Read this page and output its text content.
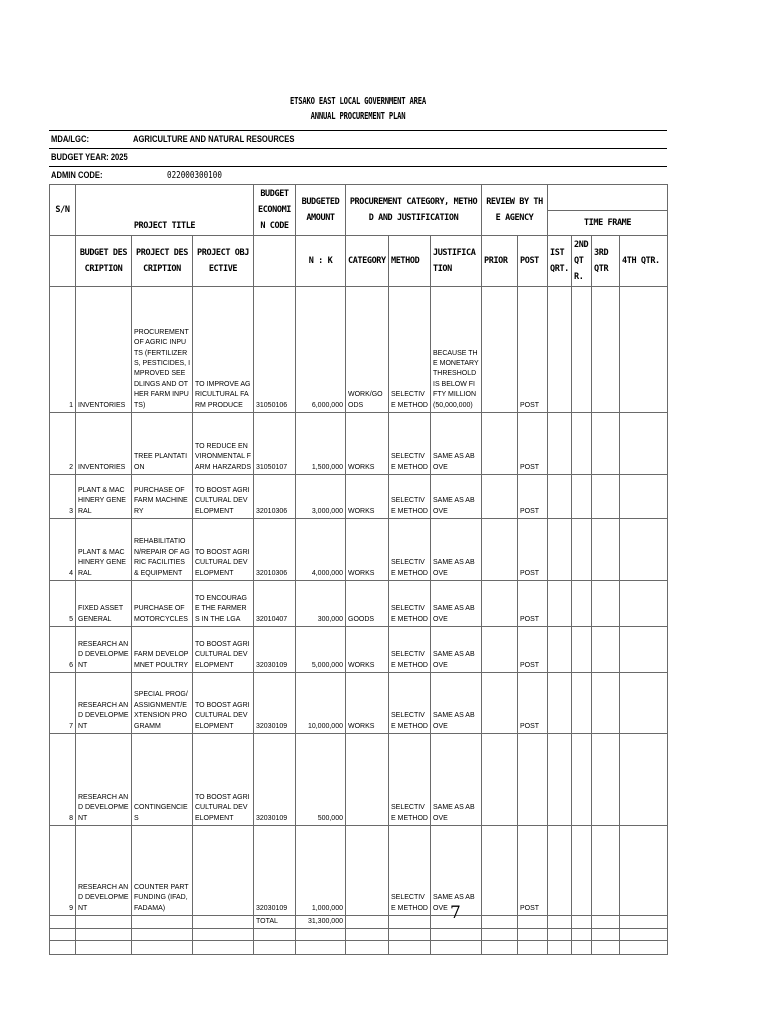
ETSAKO EAST LOCAL GOVERNMENT AREA
ANNUAL PROCUREMENT PLAN
MDA/LGC:	AGRICULTURE AND NATURAL RESOURCES
BUDGET YEAR: 2025
ADMIN CODE:	022000300100
S/N	PROJECT TITLE			BUDGET ECONOMIN CODE	BUDGETED AMOUNT	PROCUREMENT CATEGORY, METHOD AND JUSTIFICATION			REVIEW BY THE AGENCY					
											TIME FRAME			
	BUDGET DESCRIPTION	PROJECT DESCRIPTION	PROJECT OBJECTIVE		N : K	CATEGORY	METHOD	JUSTIFICATION	PRIOR	POST	IST QRT.	2ND QTR.	3RD QTR	4TH QTR.
1	INVENTORIES	PROCUREMENT OF AGRIC INPUTS (FERTILIZERS, PESTICIDES, IMPROVED SEEDLINGS AND OTHER FARM INPUTS)	TO IMPROVE AGRICULTURAL FARM PRODUCE	31050106	6,000,000	WORK/GOODS	SELECTIVE METHOD	BECAUSE THE MONETARY THRESHOLD IS BELOW FIFTY MILLION (50,000,000)		POST				
2	INVENTORIES	TREE PLANTATION	TO REDUCE ENVIRONMENTAL FARM HARZARDS	31050107	1,500,000	WORKS	SELECTIVE METHOD	SAME AS ABOVE		POST				
3	PLANT & MACHINERY GENERAL	PURCHASE OF FARM MACHINERY	TO BOOST AGRICULTURAL DEVELOPMENT	32010306	3,000,000	WORKS	SELECTIVE METHOD	SAME AS ABOVE		POST				
4	PLANT & MACHINERY GENERAL	REHABILITATION/REPAIR OF AGRIC FACILITIES & EQUIPMENT	TO BOOST AGRICULTURAL DEVELOPMENT	32010306	4,000,000	WORKS	SELECTIVE METHOD	SAME AS ABOVE		POST				
5	FIXED ASSET GENERAL	PURCHASE OF MOTORCYCLES	TO ENCOURAGE THE FARMERS IN THE LGA	32010407	300,000	GOODS	SELECTIVE METHOD	SAME AS ABOVE		POST				
6	RESEARCH AND DEVELOPMENT	FARM DEVELOPMNET POULTRY	TO BOOST AGRICULTURAL DEVELOPMENT	32030109	5,000,000	WORKS	SELECTIVE METHOD	SAME AS ABOVE		POST				
7	RESEARCH AND DEVELOPMENT	SPECIAL PROG/ASSIGNMENT/EXTENSION PROGRAMM	TO BOOST AGRICULTURAL DEVELOPMENT	32030109	10,000,000	WORKS	SELECTIVE METHOD	SAME AS ABOVE		POST				
8	RESEARCH AND DEVELOPMENT	CONTINGENCIES	TO BOOST AGRICULTURAL DEVELOPMENT	32030109	500,000		SELECTIVE METHOD	SAME AS ABOVE						
9	RESEARCH AND DEVELOPMENT	COUNTER PART FUNDING (IFAD, FADAMA)		32030109	1,000,000		SELECTIVE METHOD	SAME AS ABOVE		POST				
				TOTAL	31,300,000									

															7
